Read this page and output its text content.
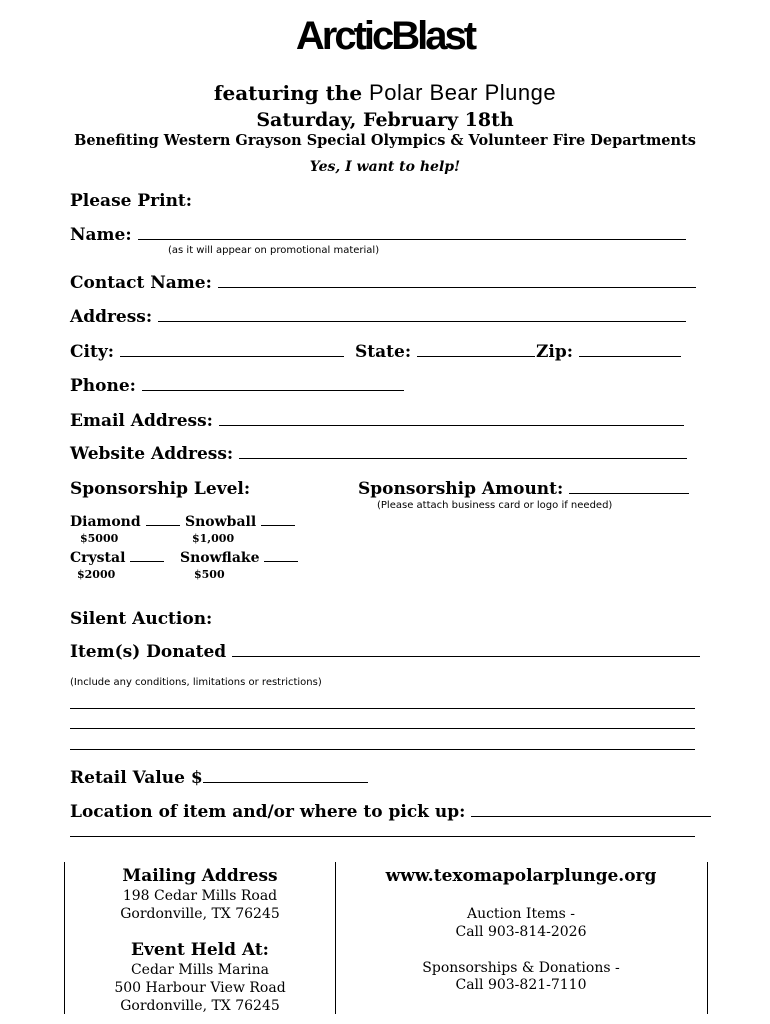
ArcticBlast
featuring the Polar Bear Plunge
Saturday, February 18th
Benefiting Western Grayson Special Olympics & Volunteer Fire Departments
Yes, I want to help!
Please Print:
Name:
(as it will appear on promotional material)
Contact Name:
Address:
City:	State:	Zip:
Phone:
Email Address:
Website Address:
Sponsorship Level:	Sponsorship Amount:
(Please attach business card or logo if needed)
Diamond
$5000
Snowball
$1,000
Crystal
$2000
Snowflake
$500
Silent Auction:
Item(s) Donated
(Include any conditions, limitations or restrictions)
Retail Value $
Location of item and/or where to pick up:
Mailing Address
198 Cedar Mills Road
Gordonville, TX 76245
Event Held At:
Cedar Mills Marina
500 Harbour View Road
Gordonville, TX 76245
www.texomapolarplunge.org
Auction Items -
Call 903-814-2026
Sponsorships & Donations -
Call 903-821-7110
